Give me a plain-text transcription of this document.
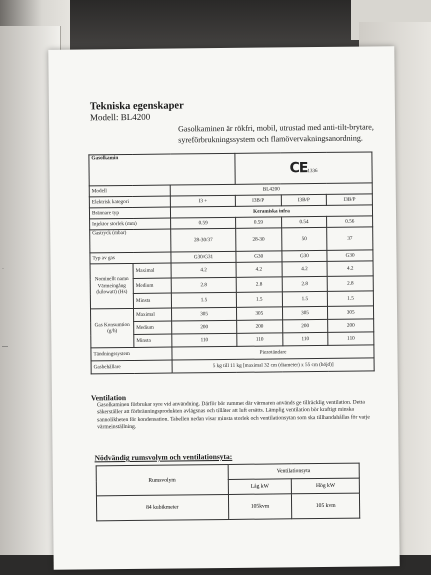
·
—
Tekniska egenskaper
Modell: BL4200
Gasolkaminen är rökfri, mobil, utrustad med anti-tilt-brytare, syreförbrukningssystem och flamövervakningsanordning.
Gasolkamin			CE1336		
Modell		BL4200			
Elektrisk kategori		I3 +	I3B/P	I3B/P	I3B/P
Brännare typ		Keramiska infra			
Injektor storlek (mm)		0.59	0.59	0.54	0.56
Gastryck (mbar)		28-30/37	28-30	50	37
Typ av gas		G30/G31	G30	G30	G30
Nominellt namn Värmeingång (kilowatt) (Hs)	Maximal	4.2	4.2	4.2	4.2
	Medium	2.8	2.8	2.8	2.8
	Minsta	1.5	1.5	1.5	1.5
Gas Konsumtion (g/h)	Maximal	305	305	305	305
	Medium	200	200	200	200
	Minsta	110	110	110	110
Tändningssystem		Piezotändare			
Gasbehållare		5 kg till 11 kg [maximal 32 cm (diameter) x 55 cm (höjd)]			
Ventilation
Gasolkaminen förbrukar syre vid användning. Därför bör rummet där värmaren används ge tillräcklig ventilation. Detta säkerställer att förbränningsprodukten avlägsnas och tillåter att luft ersätts. Lämplig ventilation bör kraftigt minska sannolikheten för kondensation. Tabellen nedan visar minsta storlek och ventilationsytan som ska tillhandahållas för varje värmeinställning.
Nödvändig rumsvolym och ventilationsyta:
Rumsvolym	Ventilationsyta	
	Låg kW	Hög kW
84 kubikmeter	105kvm	105 kvm
